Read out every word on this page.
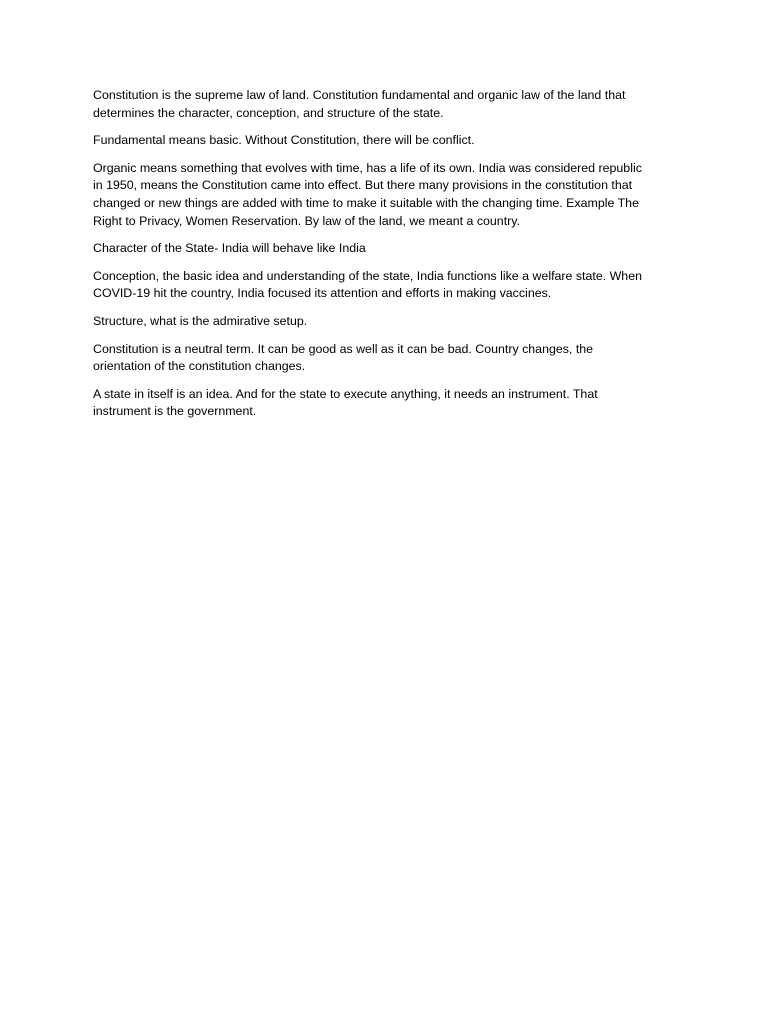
Constitution is the supreme law of land. Constitution fundamental and organic law of the land that
determines the character, conception, and structure of the state.

Fundamental means basic. Without Constitution, there will be conflict.

Organic means something that evolves with time, has a life of its own. India was considered republic
in 1950, means the Constitution came into effect. But there many provisions in the constitution that
changed or new things are added with time to make it suitable with the changing time. Example The
Right to Privacy, Women Reservation. By law of the land, we meant a country.

Character of the State- India will behave like India

Conception, the basic idea and understanding of the state, India functions like a welfare state. When
COVID-19 hit the country, India focused its attention and efforts in making vaccines.

Structure, what is the admirative setup.

Constitution is a neutral term. It can be good as well as it can be bad. Country changes, the
orientation of the constitution changes.

A state in itself is an idea. And for the state to execute anything, it needs an instrument. That
instrument is the government.
